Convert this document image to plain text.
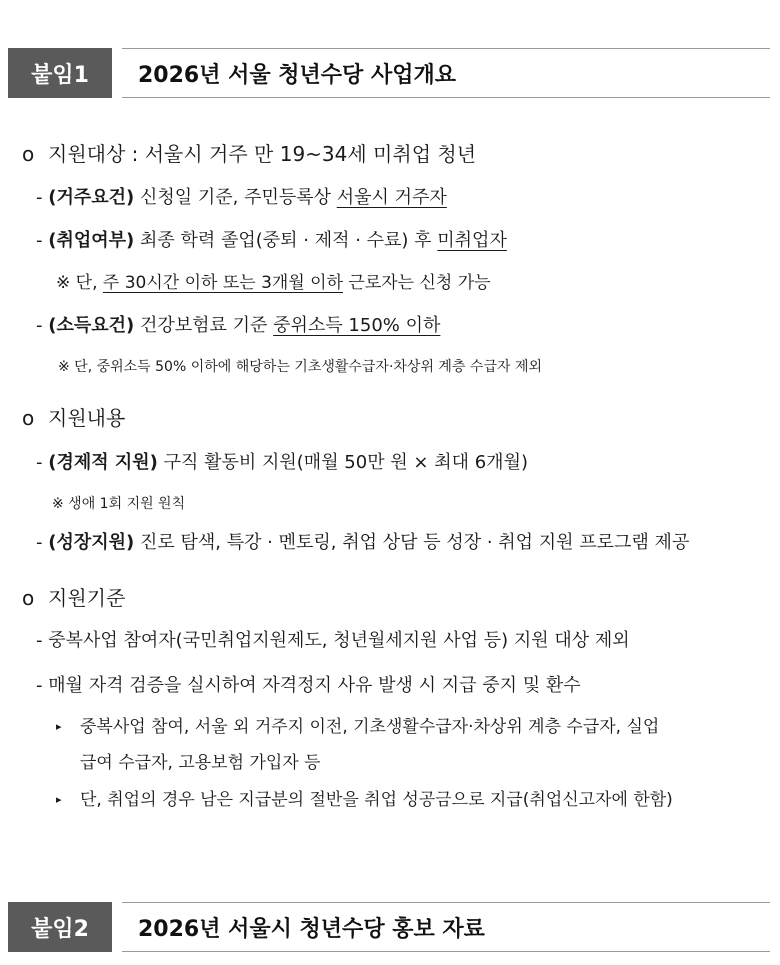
붙임1	2026년 서울 청년수당 사업개요
o 지원대상 : 서울시 거주 만 19~34세 미취업 청년
- (거주요건) 신청일 기준, 주민등록상 서울시 거주자
- (취업여부) 최종 학력 졸업(중퇴 · 제적 · 수료) 후 미취업자
※ 단, 주 30시간 이하 또는 3개월 이하 근로자는 신청 가능
- (소득요건) 건강보험료 기준 중위소득 150% 이하
※ 단, 중위소득 50% 이하에 해당하는 기초생활수급자·차상위 계층 수급자 제외
o 지원내용
- (경제적 지원) 구직 활동비 지원(매월 50만 원 × 최대 6개월)
※ 생애 1회 지원 원칙
- (성장지원) 진로 탐색, 특강 · 멘토링, 취업 상담 등 성장 · 취업 지원 프로그램 제공
o 지원기준
- 중복사업 참여자(국민취업지원제도, 청년월세지원 사업 등) 지원 대상 제외
- 매월 자격 검증을 실시하여 자격정지 사유 발생 시 지급 중지 및 환수
▸ 중복사업 참여, 서울 외 거주지 이전, 기초생활수급자·차상위 계층 수급자, 실업
급여 수급자, 고용보험 가입자 등
▸ 단, 취업의 경우 남은 지급분의 절반을 취업 성공금으로 지급(취업신고자에 한함)
붙임2	2026년 서울시 청년수당 홍보 자료
